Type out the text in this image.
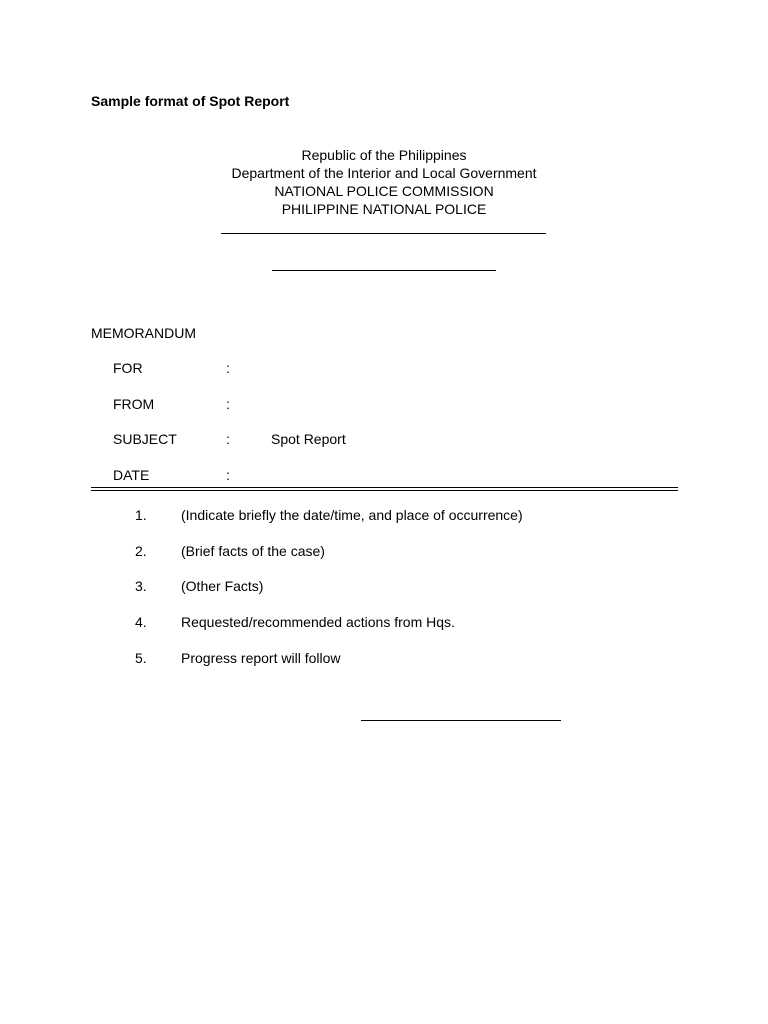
Sample format of Spot Report
Republic of the Philippines
Department of the Interior and Local Government
NATIONAL POLICE COMMISSION
PHILIPPINE NATIONAL POLICE
MEMORANDUM
FOR	:
FROM	:
SUBJECT	:	Spot Report
DATE	:
1. (Indicate briefly the date/time, and place of occurrence)
2. (Brief facts of the case)
3. (Other Facts)
4. Requested/recommended actions from Hqs.
5. Progress report will follow
